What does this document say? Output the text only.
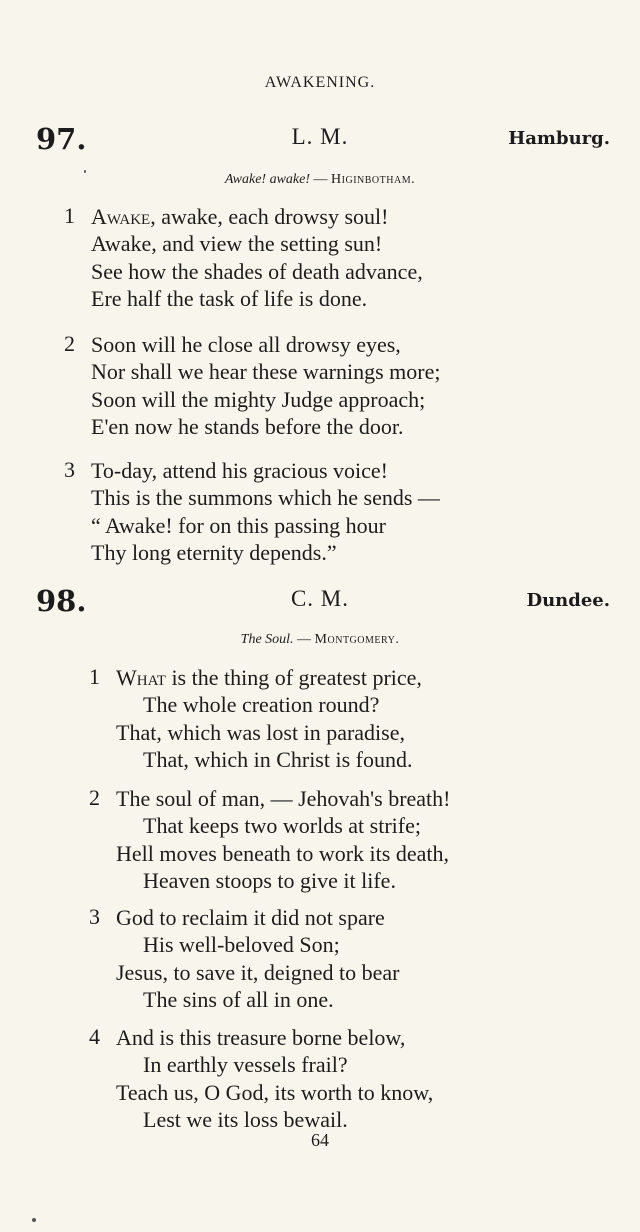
AWAKENING.
97.	L. M.	Hamburg.
Awake! awake! — Higinbotham.
1 Awake, awake, each drowsy soul!
Awake, and view the setting sun!
See how the shades of death advance,
Ere half the task of life is done.
2 Soon will he close all drowsy eyes,
Nor shall we hear these warnings more;
Soon will the mighty Judge approach;
E'en now he stands before the door.
3 To-day, attend his gracious voice!
This is the summons which he sends —
“ Awake! for on this passing hour
Thy long eternity depends.”
98.	C. M.	Dundee.
The Soul. — Montgomery.
1 What is the thing of greatest price,
The whole creation round?
That, which was lost in paradise,
That, which in Christ is found.
2 The soul of man, — Jehovah's breath!
That keeps two worlds at strife;
Hell moves beneath to work its death,
Heaven stoops to give it life.
3 God to reclaim it did not spare
His well-beloved Son;
Jesus, to save it, deigned to bear
The sins of all in one.
4 And is this treasure borne below,
In earthly vessels frail?
Teach us, O God, its worth to know,
Lest we its loss bewail.
64
